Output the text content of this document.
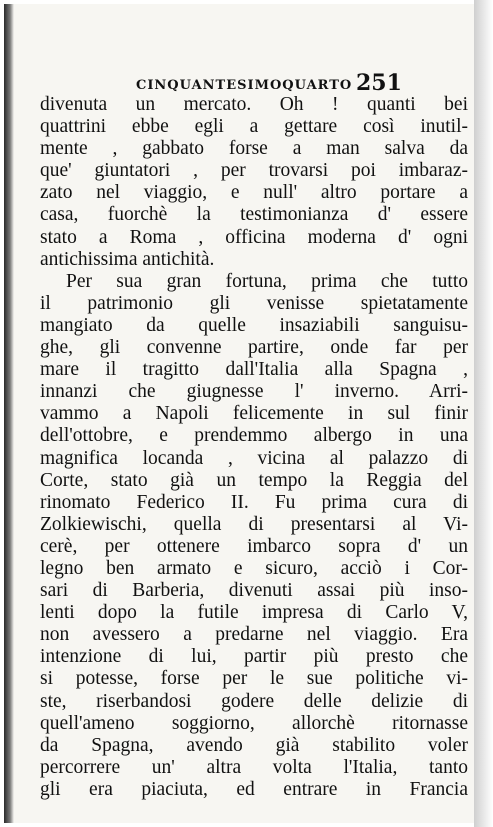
CINQUANTESIMOQUARTO 251
divenuta un mercato. Oh ! quanti bei
quattrini ebbe egli a gettare così inutil-
mente , gabbato forse a man salva da
que' giuntatori , per trovarsi poi imbaraz-
zato nel viaggio, e null' altro portare a
casa, fuorchè la testimonianza d' essere
stato a Roma , officina moderna d' ogni
antichissima antichità.
Per sua gran fortuna, prima che tutto
il patrimonio gli venisse spietatamente
mangiato da quelle insaziabili sanguisu-
ghe, gli convenne partire, onde far per
mare il tragitto dall'Italia alla Spagna ,
innanzi che giugnesse l' inverno. Arri-
vammo a Napoli felicemente in sul finir
dell'ottobre, e prendemmo albergo in una
magnifica locanda , vicina al palazzo di
Corte, stato già un tempo la Reggia del
rinomato Federico II. Fu prima cura di
Zolkiewischi, quella di presentarsi al Vi-
cerè, per ottenere imbarco sopra d' un
legno ben armato e sicuro, acciò i Cor-
sari di Barberia, divenuti assai più inso-
lenti dopo la futile impresa di Carlo V,
non avessero a predarne nel viaggio. Era
intenzione di lui, partir più presto che
si potesse, forse per le sue politiche vi-
ste, riserbandosi godere delle delizie di
quell'ameno soggiorno, allorchè ritornasse
da Spagna, avendo già stabilito voler
percorrere un' altra volta l'Italia, tanto
gli era piaciuta, ed entrare in Francia
